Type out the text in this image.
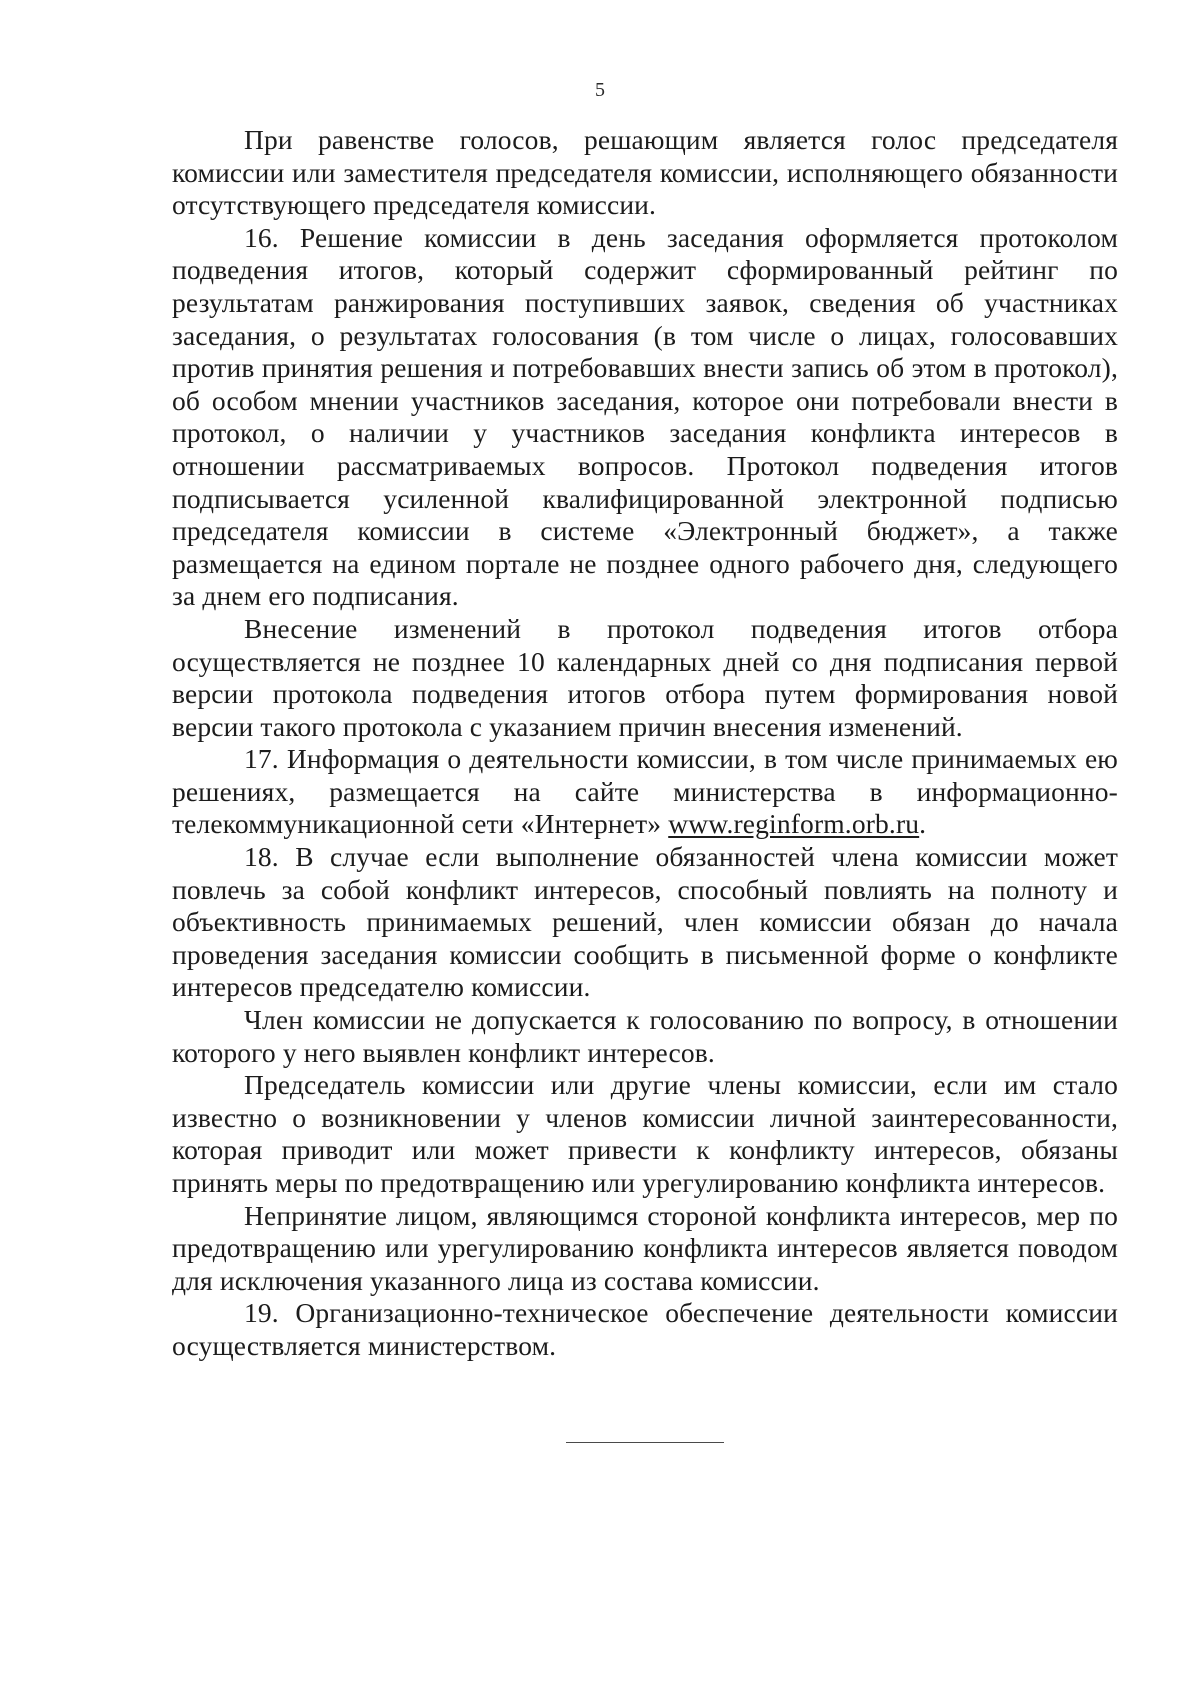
5

При равенстве голосов, решающим является голос председателя комиссии или заместителя председателя комиссии, исполняющего обязанности отсутствующего председателя комиссии.

16. Решение комиссии в день заседания оформляется протоколом подведения итогов, который содержит сформированный рейтинг по результатам ранжирования поступивших заявок, сведения об участниках заседания, о результатах голосования (в том числе о лицах, голосовавших против принятия решения и потребовавших внести запись об этом в протокол), об особом мнении участников заседания, которое они потребовали внести в протокол, о наличии у участников заседания конфликта интересов в отношении рассматриваемых вопросов. Протокол подведения итогов подписывается усиленной квалифицированной электронной подписью председателя комиссии в системе «Электронный бюджет», а также размещается на едином портале не позднее одного рабочего дня, следующего за днем его подписания.

Внесение изменений в протокол подведения итогов отбора осуществляется не позднее 10 календарных дней со дня подписания первой версии протокола подведения итогов отбора путем формирования новой версии такого протокола с указанием причин внесения изменений.

17. Информация о деятельности комиссии, в том числе принимаемых ею решениях, размещается на сайте министерства в информационно-телекоммуникационной сети «Интернет» www.reginform.orb.ru.

18. В случае если выполнение обязанностей члена комиссии может повлечь за собой конфликт интересов, способный повлиять на полноту и объективность принимаемых решений, член комиссии обязан до начала проведения заседания комиссии сообщить в письменной форме о конфликте интересов председателю комиссии.

Член комиссии не допускается к голосованию по вопросу, в отношении которого у него выявлен конфликт интересов.

Председатель комиссии или другие члены комиссии, если им стало известно о возникновении у членов комиссии личной заинтересованности, которая приводит или может привести к конфликту интересов, обязаны принять меры по предотвращению или урегулированию конфликта интересов.

Непринятие лицом, являющимся стороной конфликта интересов, мер по предотвращению или урегулированию конфликта интересов является поводом для исключения указанного лица из состава комиссии.

19. Организационно-техническое обеспечение деятельности комиссии осуществляется министерством.
